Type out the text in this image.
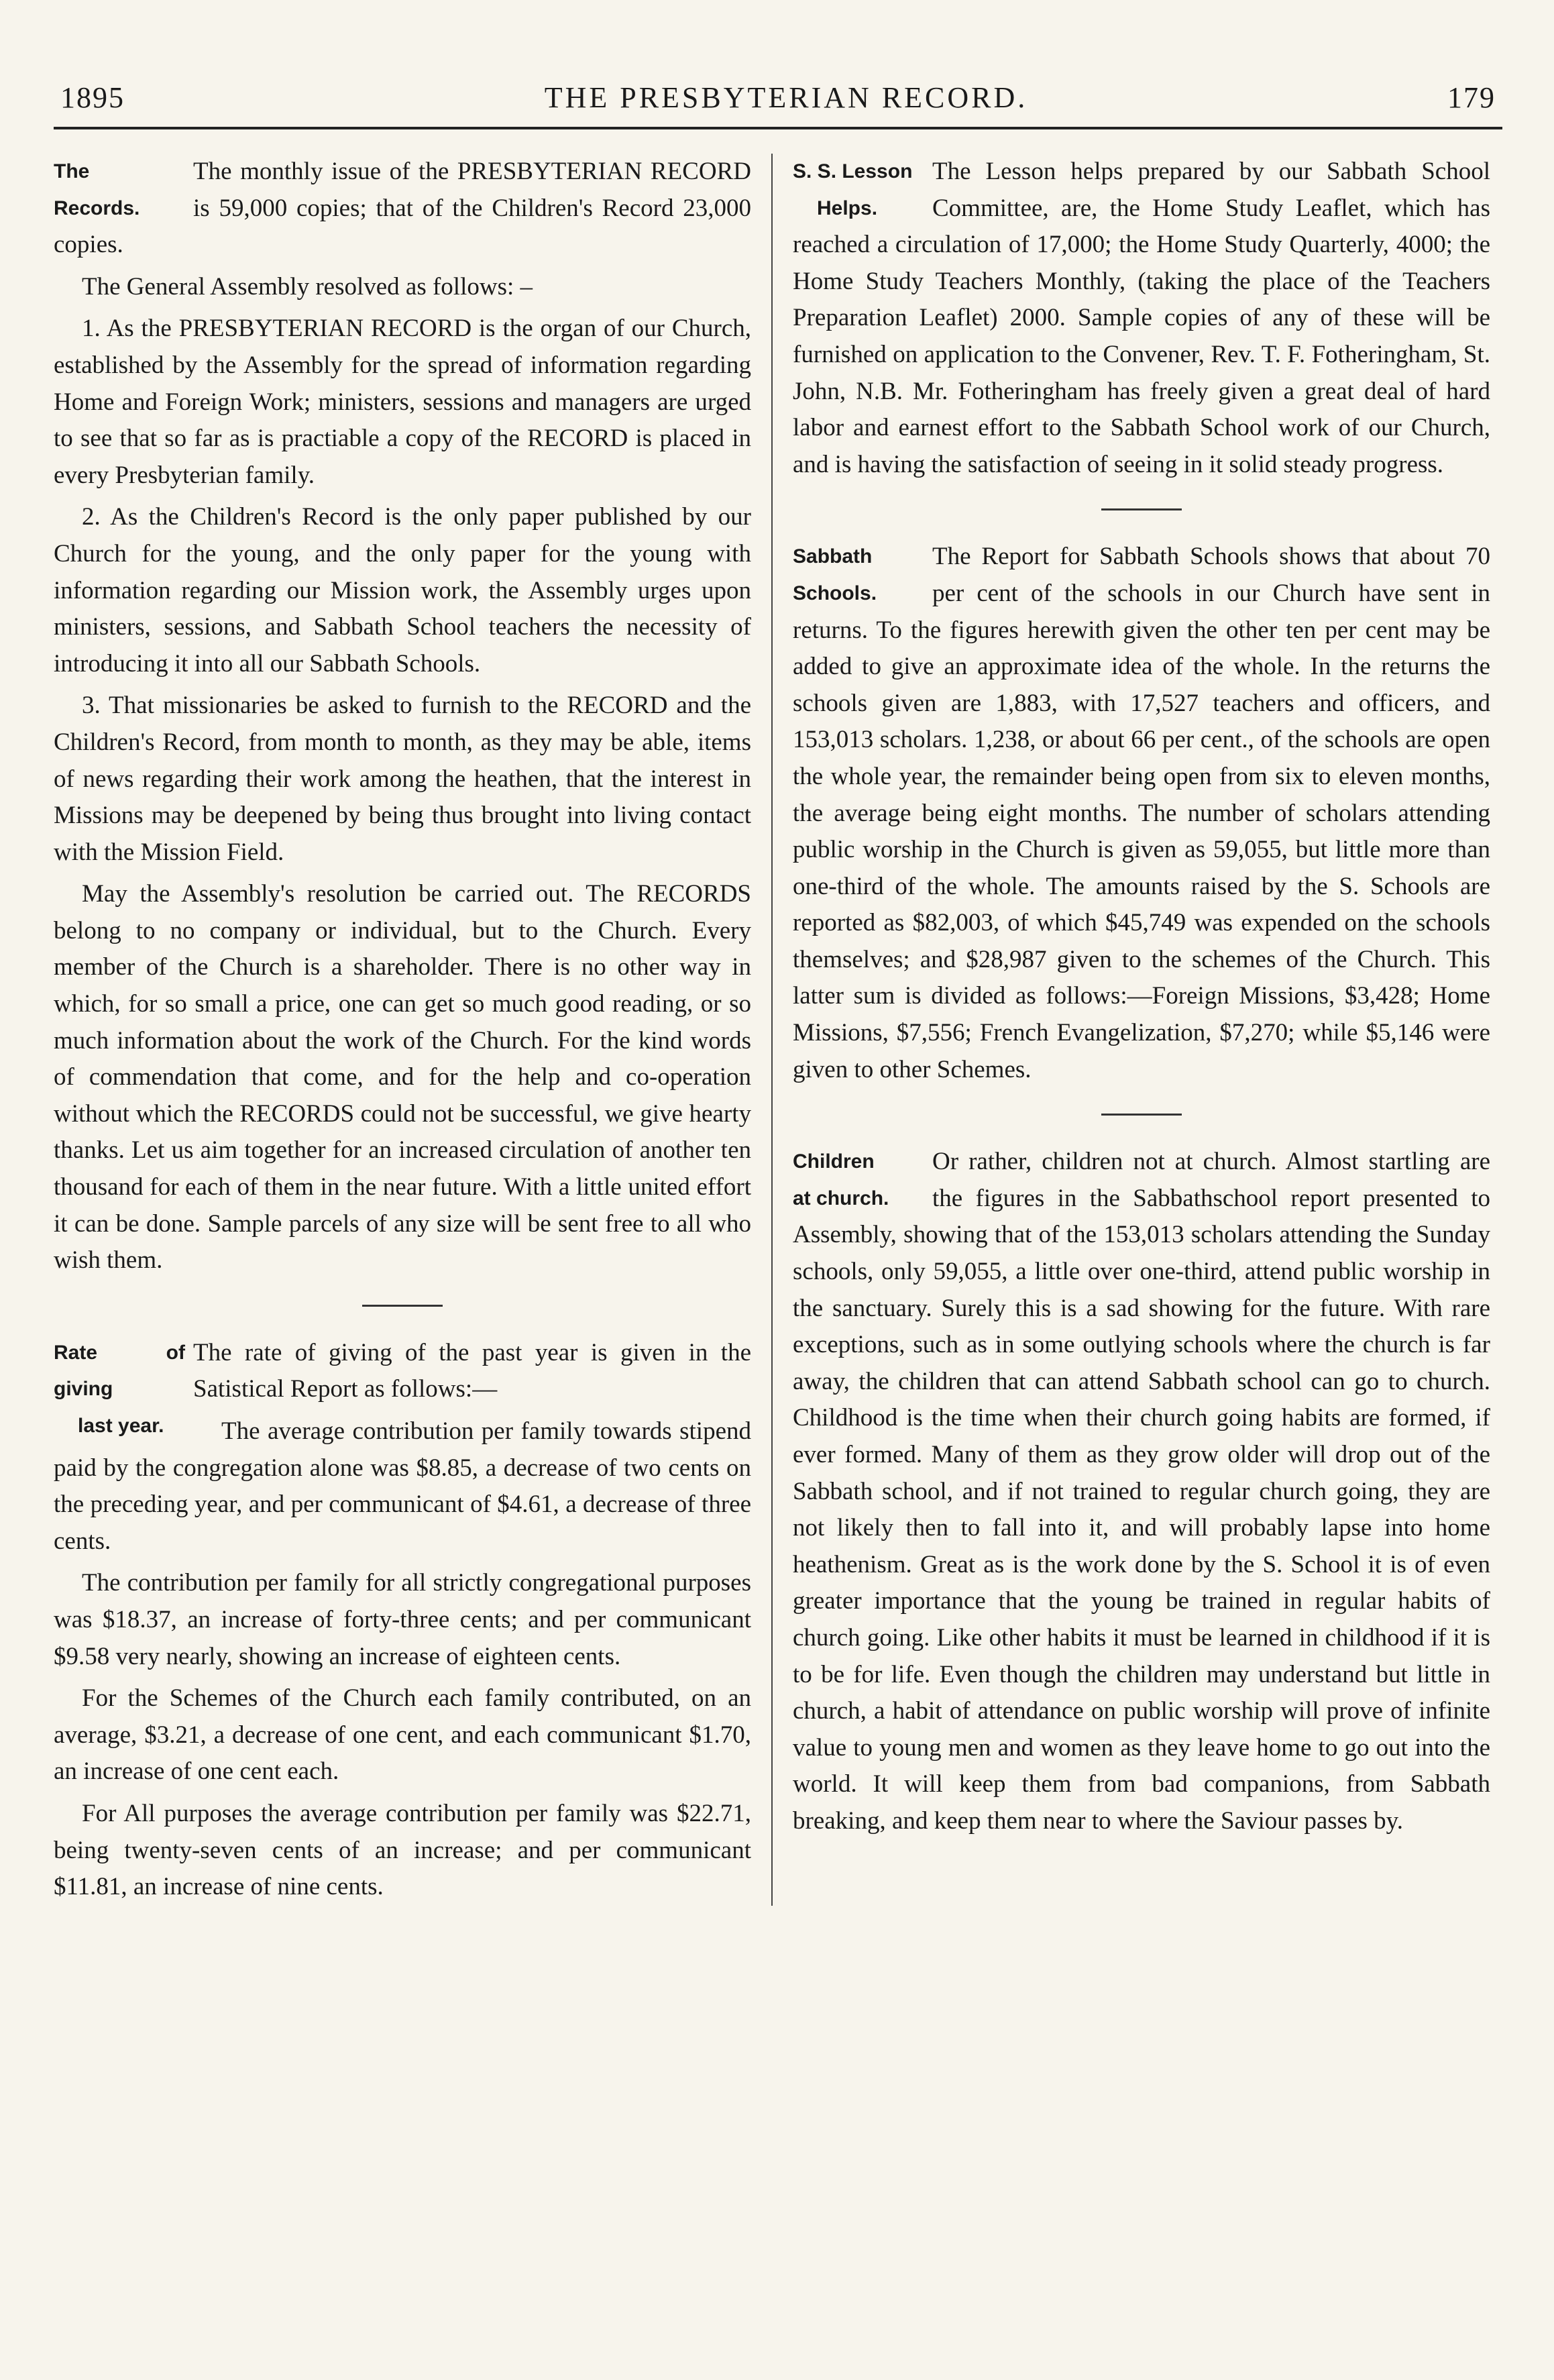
1895	THE PRESBYTERIAN RECORD.	179
The
Records.

The monthly issue of the PRESBYTERIAN RECORD is 59,000 copies; that of the Children's Record 23,000 copies.

The General Assembly resolved as follows: –

1. As the PRESBYTERIAN RECORD is the organ of our Church, established by the Assembly for the spread of information regarding Home and Foreign Work; ministers, sessions and managers are urged to see that so far as is practiable a copy of the RECORD is placed in every Presbyterian family.

2. As the Children's Record is the only paper published by our Church for the young, and the only paper for the young with information regarding our Mission work, the Assembly urges upon ministers, sessions, and Sabbath School teachers the necessity of introducing it into all our Sabbath Schools.

3. That missionaries be asked to furnish to the RECORD and the Children's Record, from month to month, as they may be able, items of news regarding their work among the heathen, that the interest in Missions may be deepened by being thus brought into living contact with the Mission Field.

May the Assembly's resolution be carried out. The RECORDS belong to no company or individual, but to the Church. Every member of the Church is a shareholder. There is no other way in which, for so small a price, one can get so much good reading, or so much information about the work of the Church. For the kind words of commendation that come, and for the help and co-operation without which the RECORDS could not be successful, we give hearty thanks. Let us aim together for an increased circulation of another ten thousand for each of them in the near future. With a little united effort it can be done. Sample parcels of any size will be sent free to all who wish them.

Rate of giving
last year.

The rate of giving of the past year is given in the Satistical Report as follows:—

The average contribution per family towards stipend paid by the congregation alone was $8.85, a decrease of two cents on the preceding year, and per communicant of $4.61, a decrease of three cents.

The contribution per family for all strictly congregational purposes was $18.37, an increase of forty-three cents; and per communicant $9.58 very nearly, showing an increase of eighteen cents.

For the Schemes of the Church each family contributed, on an average, $3.21, a decrease of one cent, and each communicant $1.70, an increase of one cent each.

For All purposes the average contribution per family was $22.71, being twenty-seven cents of an increase; and per communicant $11.81, an increase of nine cents.

S. S. Lesson
Helps.

The Lesson helps prepared by our Sabbath School Committee, are, the Home Study Leaflet, which has reached a circulation of 17,000; the Home Study Quarterly, 4000; the Home Study Teachers Monthly, (taking the place of the Teachers Preparation Leaflet) 2000. Sample copies of any of these will be furnished on application to the Convener, Rev. T. F. Fotheringham, St. John, N.B. Mr. Fotheringham has freely given a great deal of hard labor and earnest effort to the Sabbath School work of our Church, and is having the satisfaction of seeing in it solid steady progress.

Sabbath
Schools.

The Report for Sabbath Schools shows that about 70 per cent of the schools in our Church have sent in returns. To the figures herewith given the other ten per cent may be added to give an approximate idea of the whole. In the returns the schools given are 1,883, with 17,527 teachers and officers, and 153,013 scholars. 1,238, or about 66 per cent., of the schools are open the whole year, the remainder being open from six to eleven months, the average being eight months. The number of scholars attending public worship in the Church is given as 59,055, but little more than one-third of the whole. The amounts raised by the S. Schools are reported as $82,003, of which $45,749 was expended on the schools themselves; and $28,987 given to the schemes of the Church. This latter sum is divided as follows:—Foreign Missions, $3,428; Home Missions, $7,556; French Evangelization, $7,270; while $5,146 were given to other Schemes.

Children
at church.

Or rather, children not at church. Almost startling are the figures in the Sabbathschool report presented to Assembly, showing that of the 153,013 scholars attending the Sunday schools, only 59,055, a little over one-third, attend public worship in the sanctuary. Surely this is a sad showing for the future. With rare exceptions, such as in some outlying schools where the church is far away, the children that can attend Sabbath school can go to church. Childhood is the time when their church going habits are formed, if ever formed. Many of them as they grow older will drop out of the Sabbath school, and if not trained to regular church going, they are not likely then to fall into it, and will probably lapse into home heathenism. Great as is the work done by the S. School it is of even greater importance that the young be trained in regular habits of church going. Like other habits it must be learned in childhood if it is to be for life. Even though the children may understand but little in church, a habit of attendance on public worship will prove of infinite value to young men and women as they leave home to go out into the world. It will keep them from bad companions, from Sabbath breaking, and keep them near to where the Saviour passes by.
